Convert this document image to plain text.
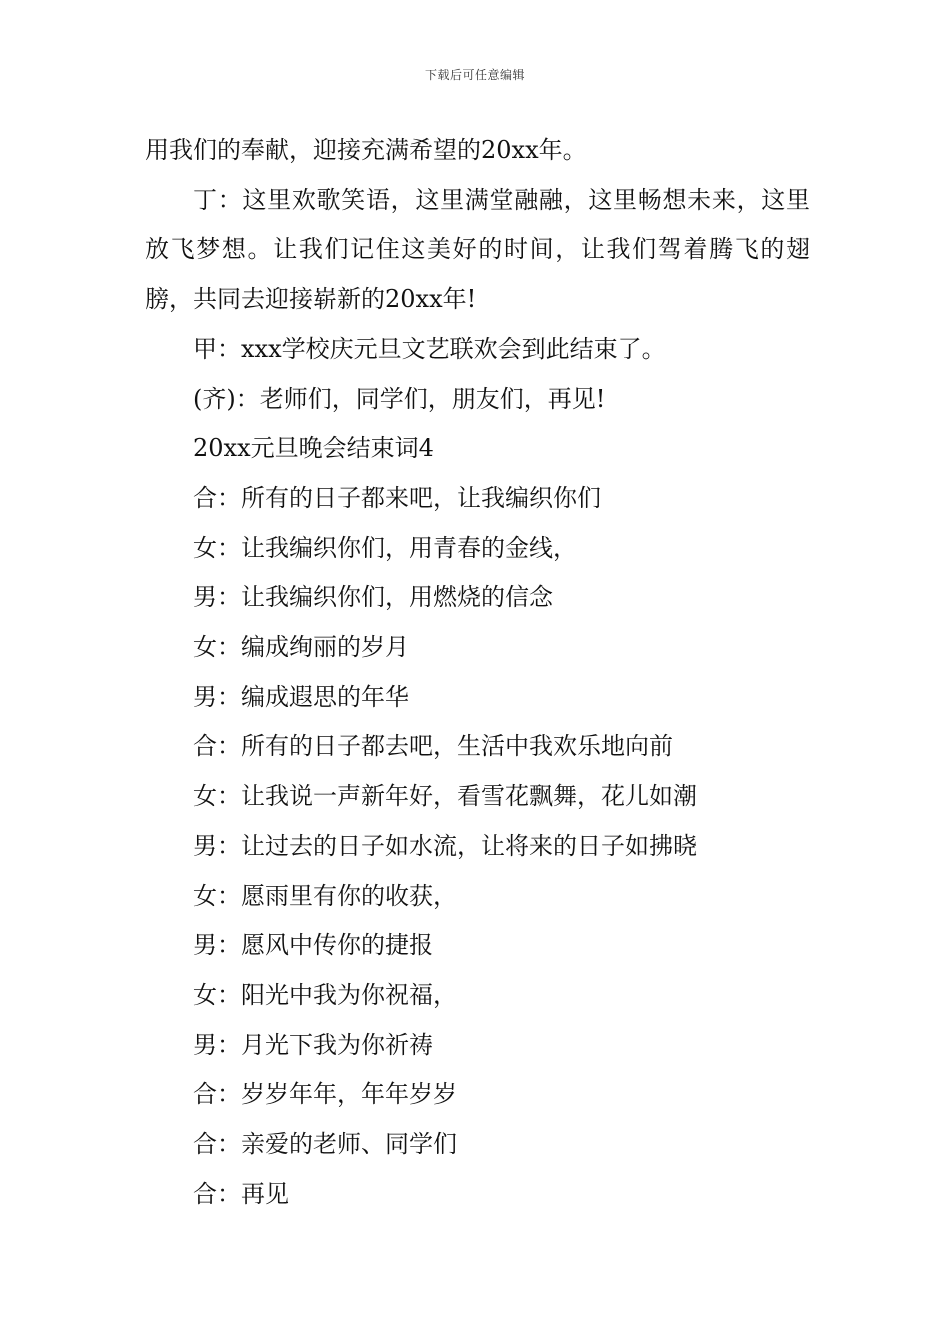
下载后可任意编辑

用我们的奉献，迎接充满希望的20xx年。

丁：这里欢歌笑语，这里满堂融融，这里畅想未来，这里放飞梦想。让我们记住这美好的时间，让我们驾着腾飞的翅膀，共同去迎接崭新的20xx年!

甲：xxx学校庆元旦文艺联欢会到此结束了。

(齐)：老师们，同学们，朋友们，再见!

20xx元旦晚会结束词4

合：所有的日子都来吧，让我编织你们

女：让我编织你们，用青春的金线，

男：让我编织你们，用燃烧的信念

女：编成绚丽的岁月

男：编成遐思的年华

合：所有的日子都去吧，生活中我欢乐地向前

女：让我说一声新年好，看雪花飘舞，花儿如潮

男：让过去的日子如水流，让将来的日子如拂晓

女：愿雨里有你的收获，

男：愿风中传你的捷报

女：阳光中我为你祝福，

男：月光下我为你祈祷

合：岁岁年年，年年岁岁

合：亲爱的老师、同学们

合：再见
